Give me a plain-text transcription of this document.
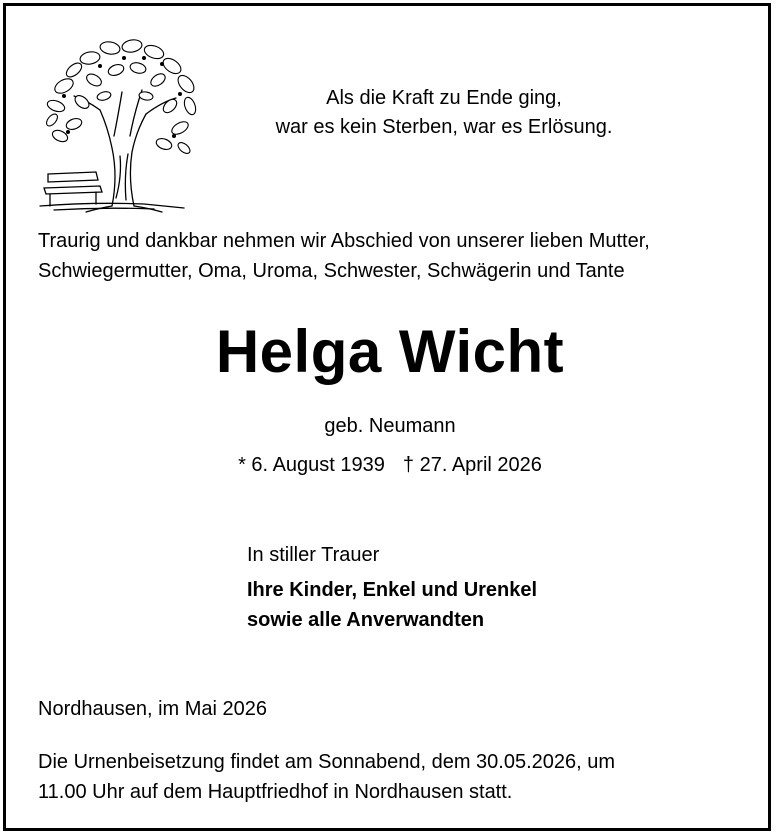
Als die Kraft zu Ende ging,
war es kein Sterben, war es Erlösung.
Traurig und dankbar nehmen wir Abschied von unserer lieben Mutter,
Schwiegermutter, Oma, Uroma, Schwester, Schwägerin und Tante
Helga Wicht
geb. Neumann
* 6. August 1939 † 27. April 2026
In stiller Trauer
Ihre Kinder, Enkel und Urenkel
sowie alle Anverwandten
Nordhausen, im Mai 2026
Die Urnenbeisetzung findet am Sonnabend, dem 30.05.2026, um
11.00 Uhr auf dem Hauptfriedhof in Nordhausen statt.
